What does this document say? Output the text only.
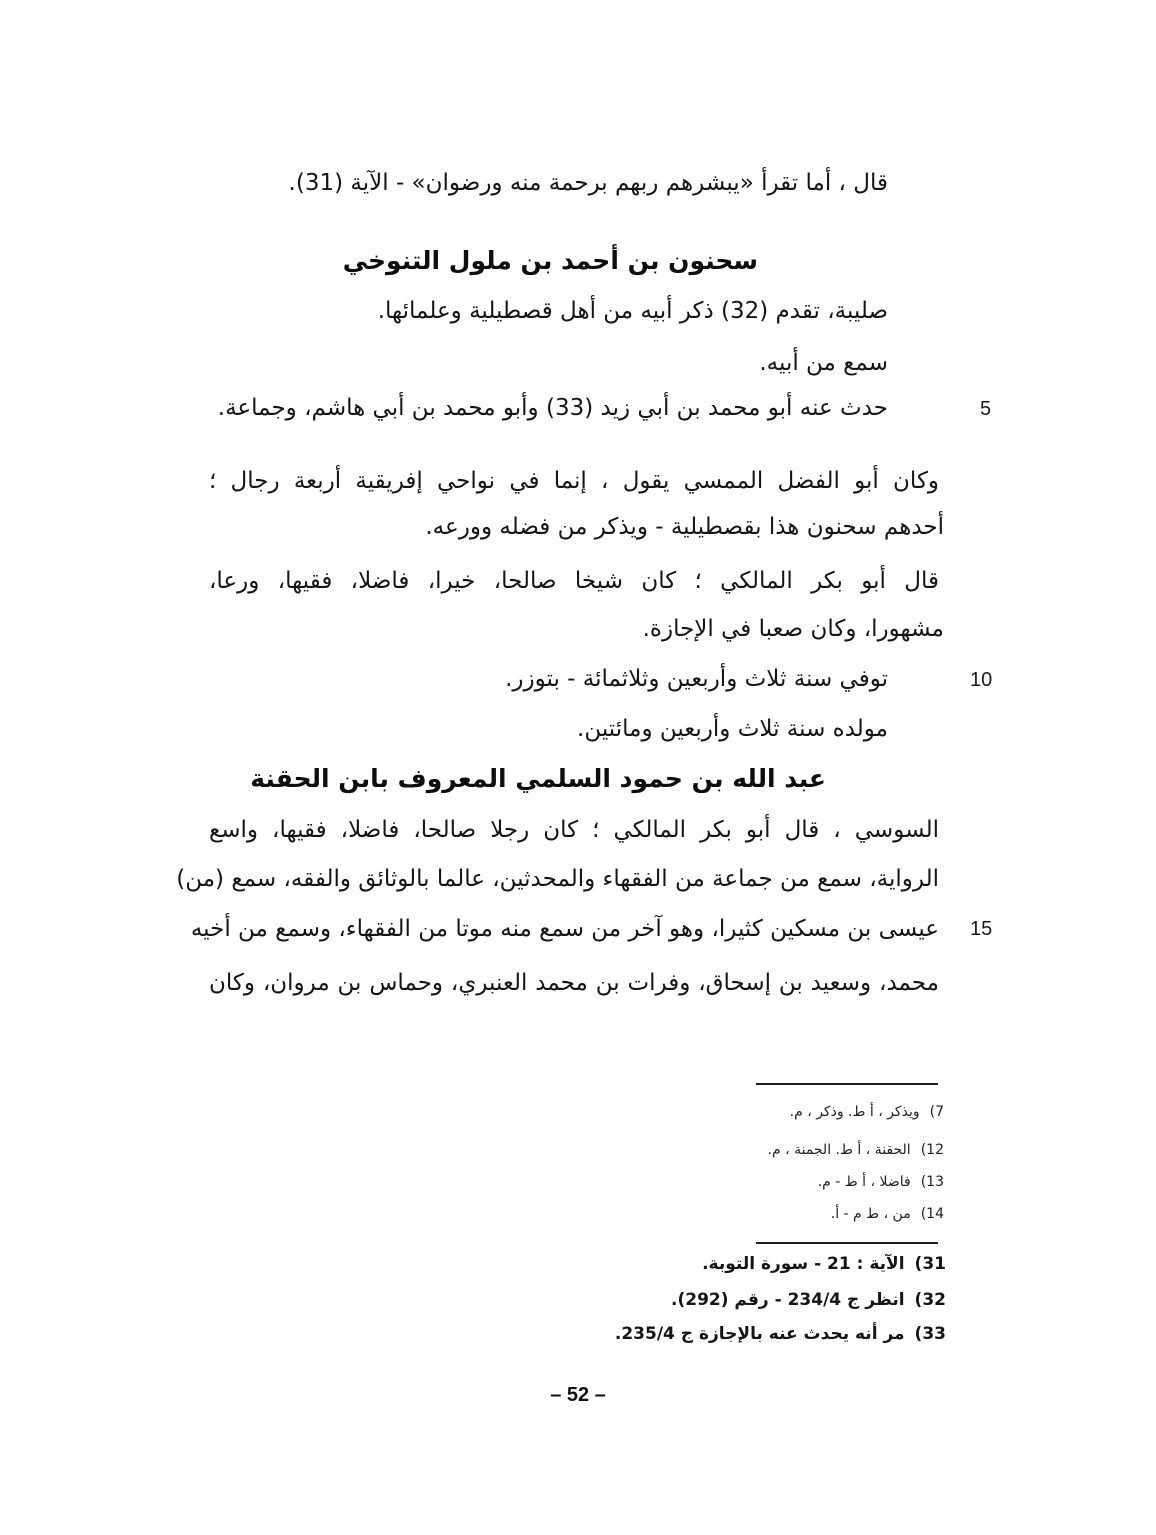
قال ، أما تقرأ «يبشرهم ربهم برحمة منه ورضوان» - الآية (31).
سحنون بن أحمد بن ملول التنوخي
صليبة، تقدم (32) ذكر أبيه من أهل قصطيلية وعلمائها.
سمع من أبيه.
حدث عنه أبو محمد بن أبي زيد (33) وأبو محمد بن أبي هاشم، وجماعة.	5
وكان أبو الفضل الممسي يقول ، إنما في نواحي إفريقية أربعة رجال ؛
أحدهم سحنون هذا بقصطيلية - ويذكر من فضله وورعه.
قال أبو بكر المالكي ؛ كان شيخا صالحا، خيرا، فاضلا، فقيها، ورعا،
مشهورا، وكان صعبا في الإجازة.
توفي سنة ثلاث وأربعين وثلاثمائة - بتوزر.	10
مولده سنة ثلاث وأربعين ومائتين.
عبد الله بن حمود السلمي المعروف بابن الحقنة
السوسي ، قال أبو بكر المالكي ؛ كان رجلا صالحا، فاضلا، فقيها، واسع
الرواية، سمع من جماعة من الفقهاء والمحدثين، عالما بالوثائق والفقه، سمع (من)
عيسى بن مسكين كثيرا، وهو آخر من سمع منه موتا من الفقهاء، وسمع من أخيه 15
محمد، وسعيد بن إسحاق، وفرات بن محمد العنبري، وحماس بن مروان، وكان
7)ويذكر ، أ ط. وذكر ، م.
12)الحقنة ، أ ط. الجمنة ، م.
13)فاضلا ، أ ط - م.
14)من ، ط م - أ.
31)الآية : 21 - سورة التوبة.
32)انظر ج 234/4 - رقم (292).
33)مر أنه يحدث عنه بالإجازة ج 235/4.
– 52 –
